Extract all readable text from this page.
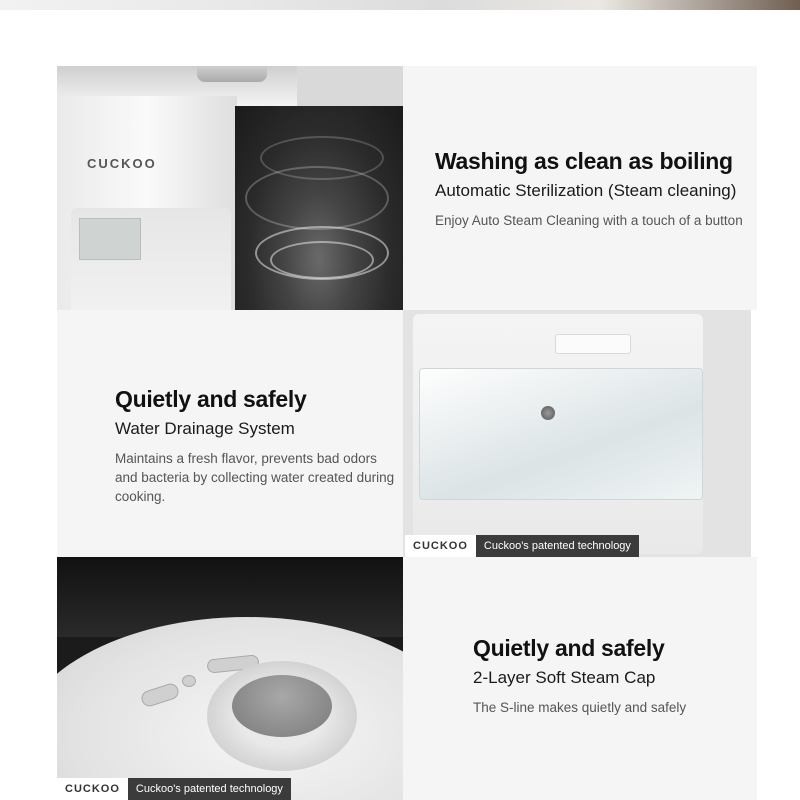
CUCKOO	Washing as clean as boiling
Automatic Sterilization (Steam cleaning)
Enjoy Auto Steam Cleaning with a touch of a button
Quietly and safely
Water Drainage System
Maintains a fresh flavor, prevents bad odors and bacteria by collecting water created during cooking.
CUCKOO	Cuckoo's patented technology
CUCKOO	Cuckoo's patented technology
Quietly and safely
2-Layer Soft Steam Cap
The S-line makes quietly and safely
